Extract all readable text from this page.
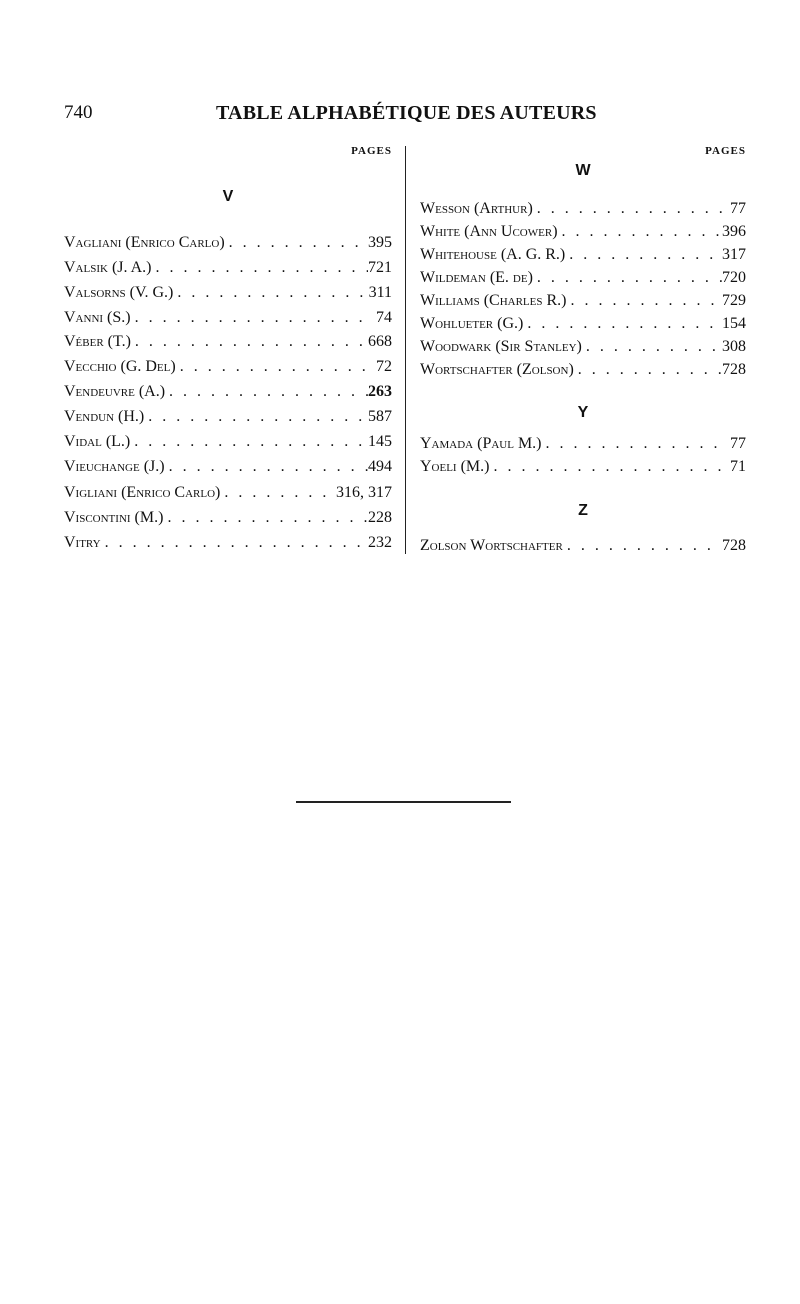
740	TABLE ALPHABÉTIQUE DES AUTEURS
PAGES
V
Vagliani (Enrico Carlo) . . .	395
Valsik (J. A.) . . .	721
Valsorns (V. G.) . . .	311
Vanni (S.) . . .	74
Véber (T.) . . .	668
Vecchio (G. Del) . . .	72
Vendeuvre (A.) . . .	263
Vendun (H.) . . .	587
Vidal (L.) . . .	145
Vieuchange (J.) . . .	494
Vigliani (Enrico Carlo) . . .	316, 317
Viscontini (M.) . . .	228
Vitry . . .	232
PAGES
W
Wesson (Arthur) . . .	77
White (Ann Ucower) . . .	396
Whitehouse (A. G. R.) . . .	317
Wildeman (E. de) . . .	720
Williams (Charles R.) . . .	729
Wohlueter (G.) . . .	154
Woodwark (Sir Stanley) . . .	308
Wortschafter (Zolson) . . .	728
Y
Yamada (Paul M.) . . .	77
Yoeli (M.) . . .	71
Z
Zolson Wortschafter . . .	728
